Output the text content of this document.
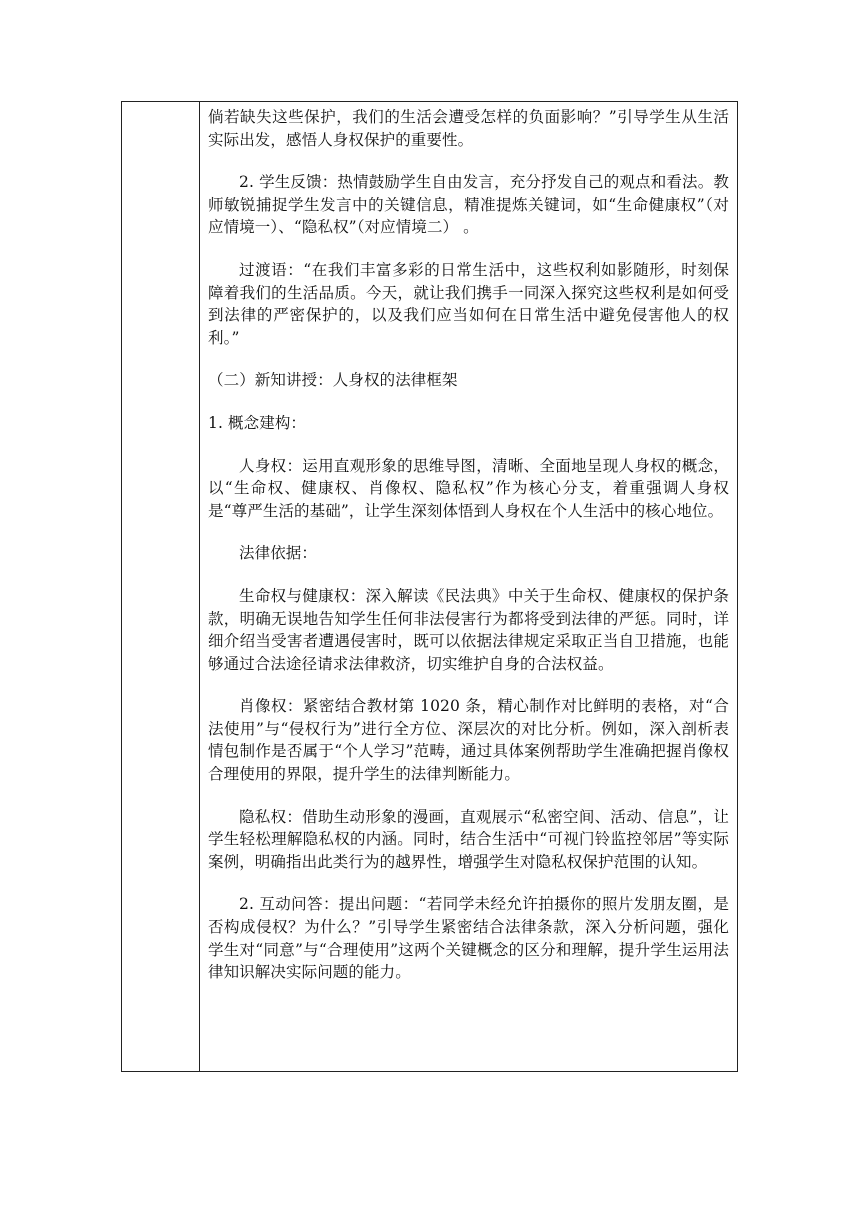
倘若缺失这些保护，我们的生活会遭受怎样的负面影响？”引导学生从生活实际出发，感悟人身权保护的重要性。

2. 学生反馈：热情鼓励学生自由发言，充分抒发自己的观点和看法。教师敏锐捕捉学生发言中的关键信息，精准提炼关键词，如“生命健康权”（对应情境一）、“隐私权”（对应情境二） 。

过渡语：“在我们丰富多彩的日常生活中，这些权利如影随形，时刻保障着我们的生活品质。今天，就让我们携手一同深入探究这些权利是如何受到法律的严密保护的，以及我们应当如何在日常生活中避免侵害他人的权利。”

（二）新知讲授：人身权的法律框架

1. 概念建构：

人身权：运用直观形象的思维导图，清晰、全面地呈现人身权的概念，以“生命权、健康权、肖像权、隐私权”作为核心分支，着重强调人身权是“尊严生活的基础”，让学生深刻体悟到人身权在个人生活中的核心地位。

法律依据：

生命权与健康权：深入解读《民法典》中关于生命权、健康权的保护条款，明确无误地告知学生任何非法侵害行为都将受到法律的严惩。同时，详细介绍当受害者遭遇侵害时，既可以依据法律规定采取正当自卫措施，也能够通过合法途径请求法律救济，切实维护自身的合法权益。

肖像权：紧密结合教材第 1020 条，精心制作对比鲜明的表格，对“合法使用”与“侵权行为”进行全方位、深层次的对比分析。例如，深入剖析表情包制作是否属于“个人学习”范畴，通过具体案例帮助学生准确把握肖像权合理使用的界限，提升学生的法律判断能力。

隐私权：借助生动形象的漫画，直观展示“私密空间、活动、信息”，让学生轻松理解隐私权的内涵。同时，结合生活中“可视门铃监控邻居”等实际案例，明确指出此类行为的越界性，增强学生对隐私权保护范围的认知。

2. 互动问答：提出问题：“若同学未经允许拍摄你的照片发朋友圈，是否构成侵权？为什么？”引导学生紧密结合法律条款，深入分析问题，强化学生对“同意”与“合理使用”这两个关键概念的区分和理解，提升学生运用法律知识解决实际问题的能力。
